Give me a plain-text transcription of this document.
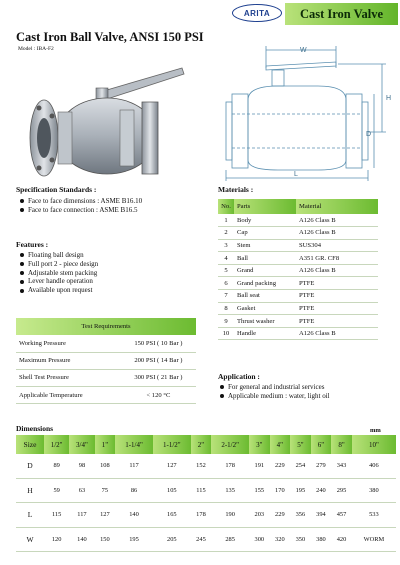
ARITA Cast Iron Valve
Cast Iron Ball Valve, ANSI 150 PSI
Model : IBA-F2	W
H
D
L
Specification Standards :
Face to face dimensions : ASME B16.10
Face to face connection : ASME B16.5
Features :
Floating ball design
Full port 2 - piece design
Adjustable stem packing
Lever handle operation
Available upon request
Materials :
No.	Parts	Material
1	Body	A126 Class B
2	Cap	A126 Class B
3	Stem	SUS304
4	Ball	A351 GR. CF8
5	Grand	A126 Class B
6	Grand packing	PTFE
7	Ball seat	PTFE
8	Gasket	PTFE
9	Thrust washer	PTFE
10	Handle	A126 Class B
Test Requirements	
Working Pressure	150 PSI ( 10 Bar )
Maximum Pressure	200 PSI ( 14 Bar )
Shell Test Pressure	300 PSI ( 21 Bar )
Applicable Temperature	< 120 °C
Application :
For general and industrial services
Applicable medium : water, light oil
Dimensions	mm
Size	1/2"	3/4"	1"	1-1/4"	1-1/2"	2"	2-1/2"	3"	4"	5"	6"	8"	10"
D	89	98	108	117	127	152	178	191	229	254	279	343	406
H	59	63	75	86	105	115	135	155	170	195	240	295	380
L	115	117	127	140	165	178	190	203	229	356	394	457	533
W	120	140	150	195	205	245	285	300	320	350	380	420	WORM
